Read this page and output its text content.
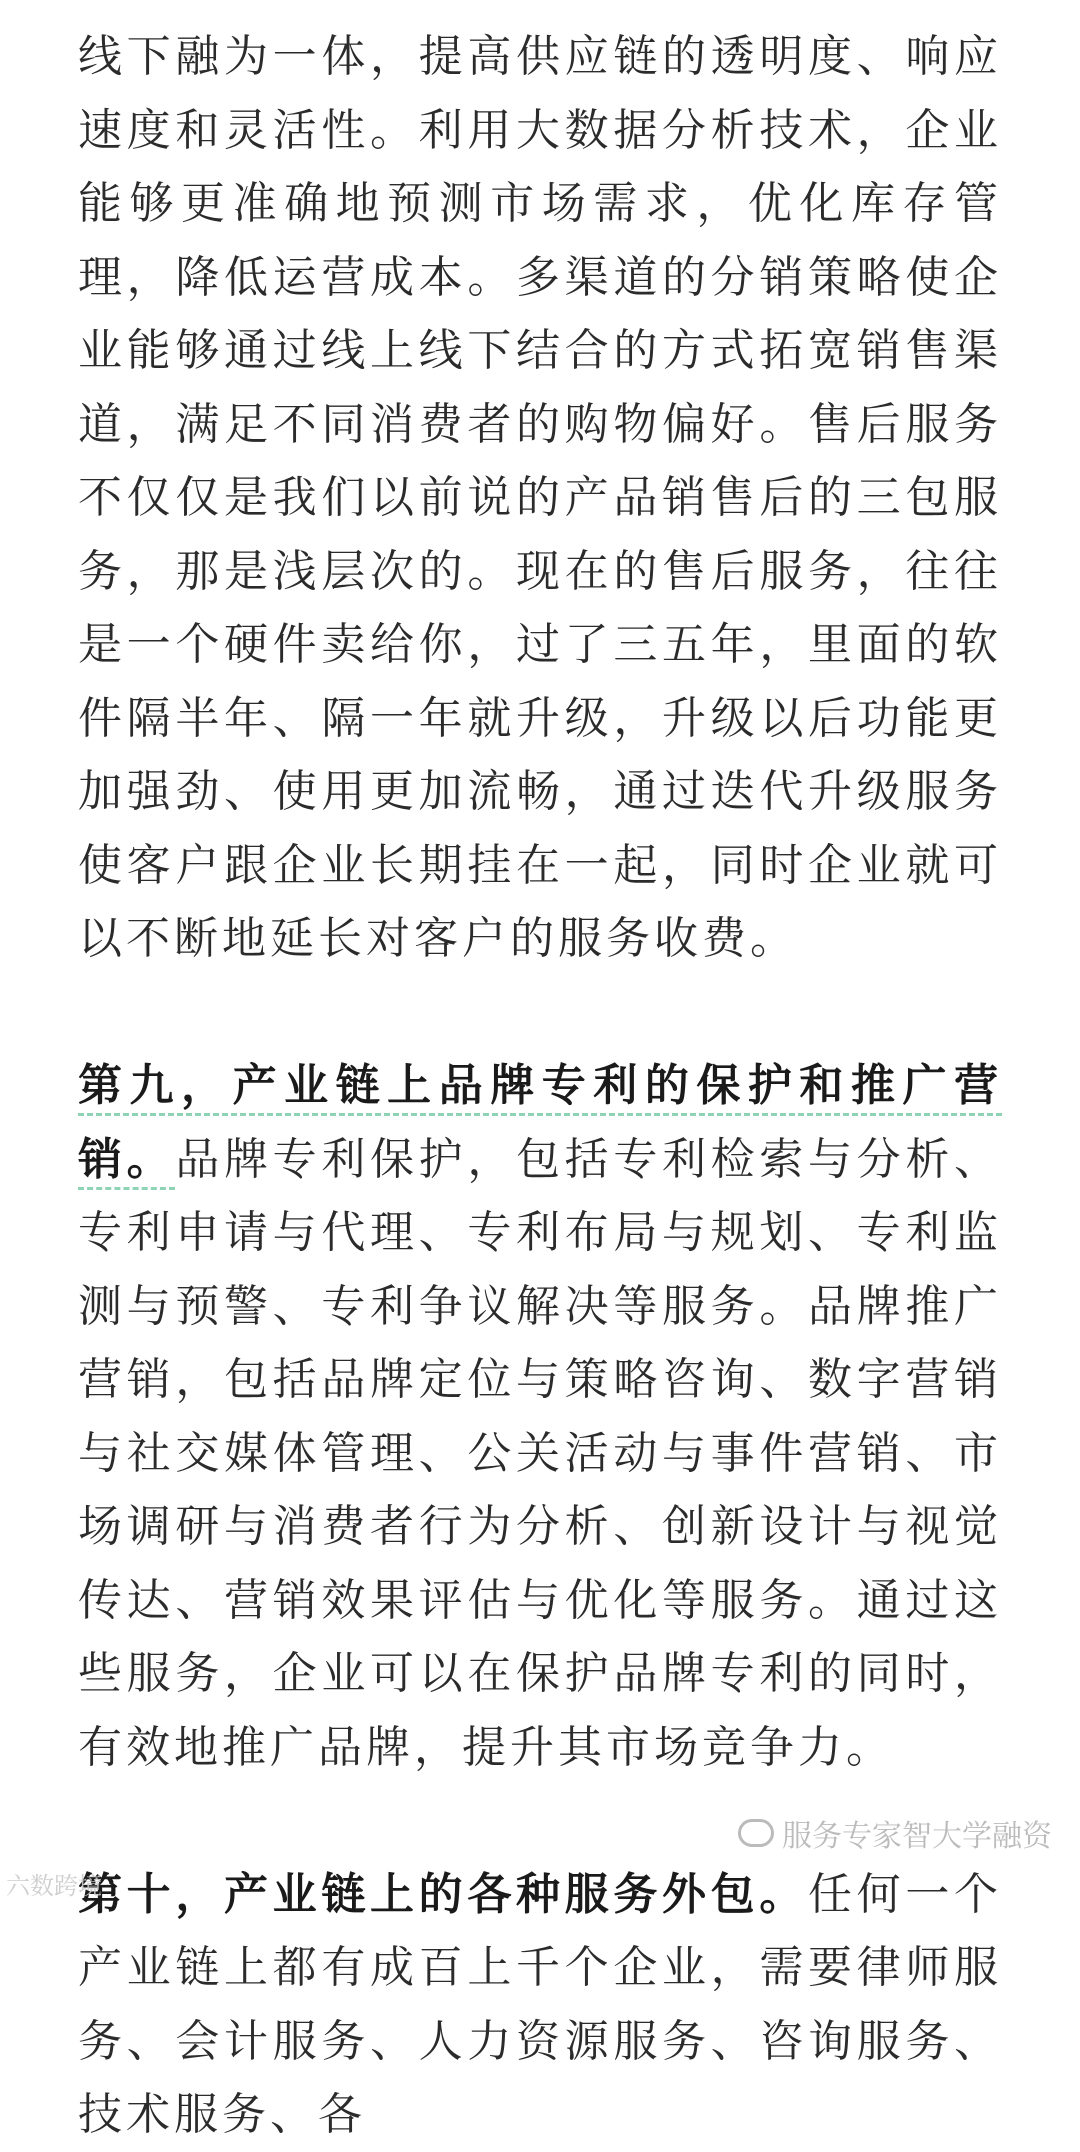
线下融为一体，提高供应链的透明度、响应速度和灵活性。利用大数据分析技术，企业能够更准确地预测市场需求，优化库存管理，降低运营成本。多渠道的分销策略使企业能够通过线上线下结合的方式拓宽销售渠道，满足不同消费者的购物偏好。售后服务不仅仅是我们以前说的产品销售后的三包服务，那是浅层次的。现在的售后服务，往往是一个硬件卖给你，过了三五年，里面的软件隔半年、隔一年就升级，升级以后功能更加强劲、使用更加流畅，通过迭代升级服务使客户跟企业长期挂在一起，同时企业就可以不断地延长对客户的服务收费。

第九，产业链上品牌专利的保护和推广营销。品牌专利保护，包括专利检索与分析、专利申请与代理、专利布局与规划、专利监测与预警、专利争议解决等服务。品牌推广营销，包括品牌定位与策略咨询、数字营销与社交媒体管理、公关活动与事件营销、市场调研与消费者行为分析、创新设计与视觉传达、营销效果评估与优化等服务。通过这些服务，企业可以在保护品牌专利的同时，有效地推广品牌，提升其市场竞争力。

第十，产业链上的各种服务外包。任何一个产业链上都有成百上千个企业，需要律师服务、会计服务、人力资源服务、咨询服务、技术服务、各

六数跨境
服务专家智大学融资
